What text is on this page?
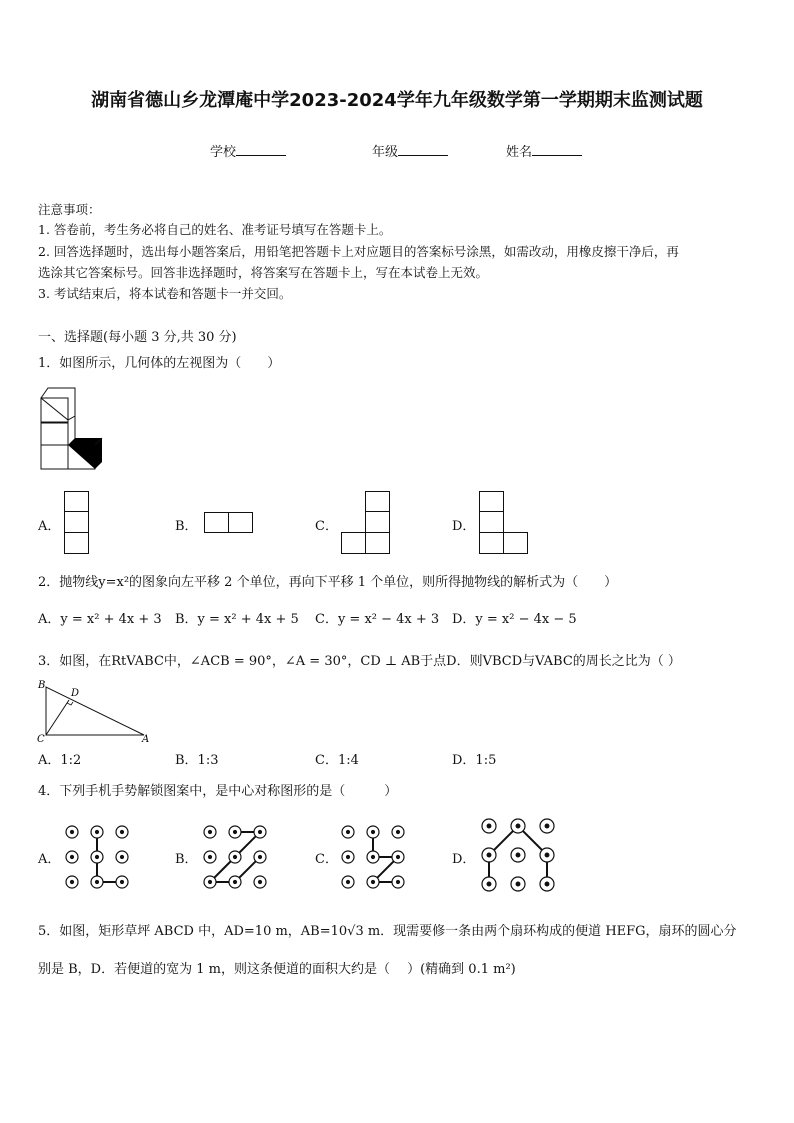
湖南省德山乡龙潭庵中学2023-2024学年九年级数学第一学期期末监测试题
学校	年级	姓名
注意事项：
1. 答卷前，考生务必将自己的姓名、准考证号填写在答题卡上。
2. 回答选择题时，选出每小题答案后，用铅笔把答题卡上对应题目的答案标号涂黑，如需改动，用橡皮擦干净后，再
选涂其它答案标号。回答非选择题时，将答案写在答题卡上，写在本试卷上无效。
3. 考试结束后，将本试卷和答题卡一并交回。
一、选择题(每小题 3 分,共 30 分)
1．如图所示，几何体的左视图为（　　）
A．	B．	C．	D．
2．抛物线y=x²的图象向左平移 2 个单位，再向下平移 1 个单位，则所得抛物线的解析式为（　　）
A．y = x² + 4x + 3 B．y = x² + 4x + 5 C．y = x² − 4x + 3 D．y = x² − 4x − 5
3．如图，在RtVABC中，∠ACB = 90°，∠A = 30°，CD ⊥ AB于点D．则VBCD与VABC的周长之比为（ ）
B
D
C	A
A．1:2	B．1:3	C．1:4	D．1:5
4．下列手机手势解锁图案中，是中心对称图形的是（　　　）
A．	B．	C．	D．
5．如图，矩形草坪 ABCD 中，AD=10 m，AB=10√3 m．现需要修一条由两个扇环构成的便道 HEFG，扇环的圆心分
别是 B，D．若便道的宽为 1 m，则这条便道的面积大约是（　 ）(精确到 0.1 m²)
